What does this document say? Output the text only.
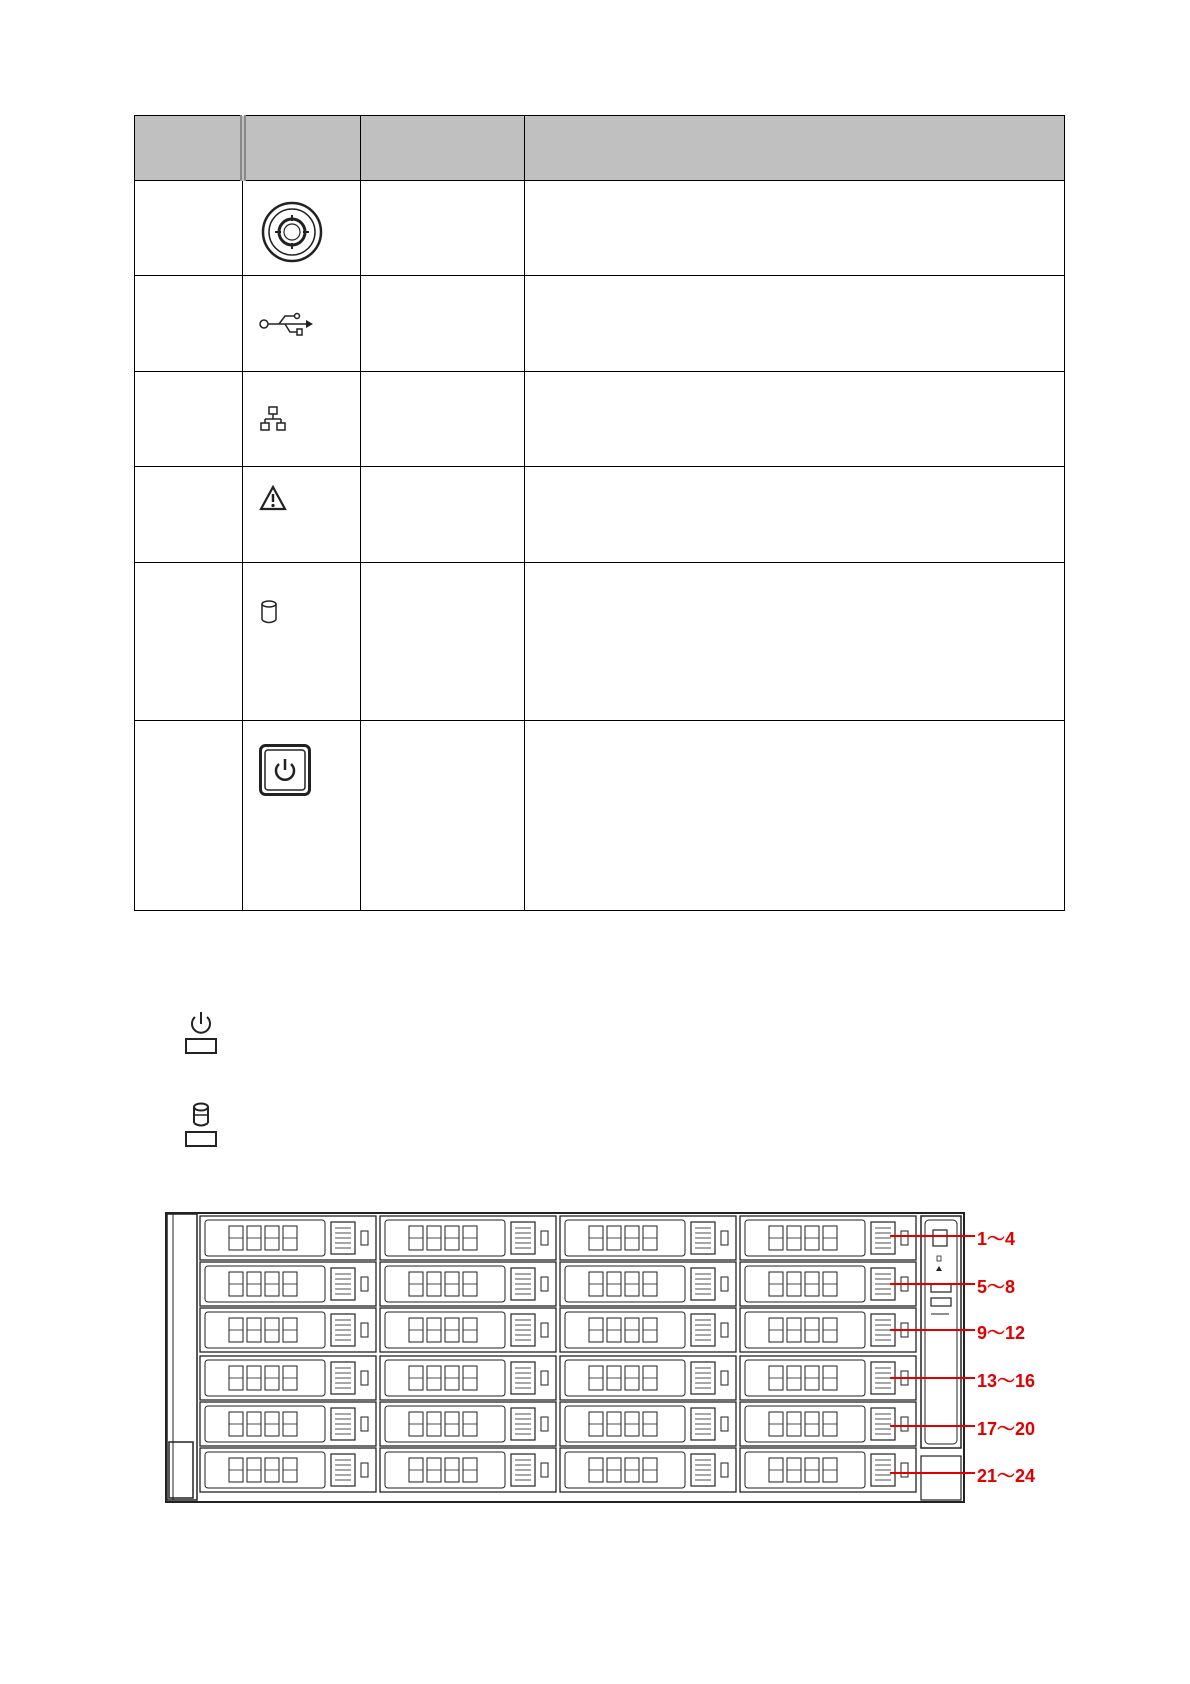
1～4
5～8
9～12
13～16
17～20
21～24
